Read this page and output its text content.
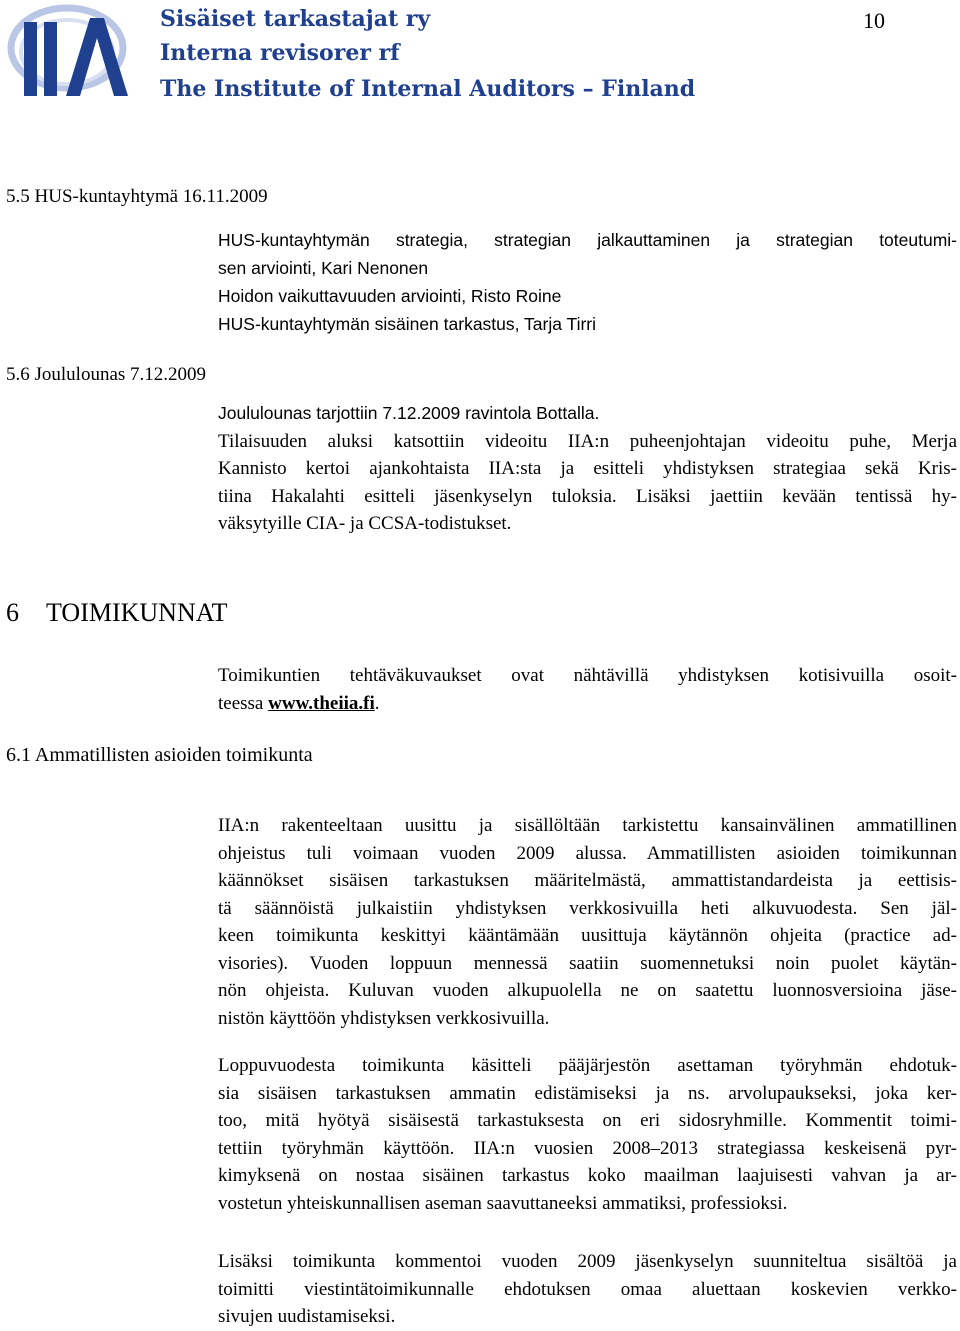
Sisäiset tarkastajat ry
Interna revisorer rf
The Institute of Internal Auditors – Finland
10
5.5 HUS-kuntayhtymä 16.11.2009
HUS-kuntayhtymän strategia, strategian jalkauttaminen ja strategian toteutumi-
sen arviointi, Kari Nenonen
Hoidon vaikuttavuuden arviointi, Risto Roine
HUS-kuntayhtymän sisäinen tarkastus, Tarja Tirri
5.6 Joululounas 7.12.2009
Joululounas tarjottiin 7.12.2009 ravintola Bottalla.
Tilaisuuden aluksi katsottiin videoitu IIA:n puheenjohtajan videoitu puhe, Merja
Kannisto kertoi ajankohtaista IIA:sta ja esitteli yhdistyksen strategiaa sekä Kris-
tiina Hakalahti esitteli jäsenkyselyn tuloksia. Lisäksi jaettiin kevään tentissä hy-
väksytyille CIA- ja CCSA-todistukset.
6 TOIMIKUNNAT
Toimikuntien tehtäväkuvaukset ovat nähtävillä yhdistyksen kotisivuilla osoit-
teessa www.theiia.fi.
6.1 Ammatillisten asioiden toimikunta
IIA:n rakenteeltaan uusittu ja sisällöltään tarkistettu kansainvälinen ammatillinen
ohjeistus tuli voimaan vuoden 2009 alussa. Ammatillisten asioiden toimikunnan
käännökset sisäisen tarkastuksen määritelmästä, ammattistandardeista ja eettisis-
tä säännöistä julkaistiin yhdistyksen verkkosivuilla heti alkuvuodesta. Sen jäl-
keen toimikunta keskittyi kääntämään uusittuja käytännön ohjeita (practice ad-
visories). Vuoden loppuun mennessä saatiin suomennetuksi noin puolet käytän-
nön ohjeista. Kuluvan vuoden alkupuolella ne on saatettu luonnosversioina jäse-
nistön käyttöön yhdistyksen verkkosivuilla.
Loppuvuodesta toimikunta käsitteli pääjärjestön asettaman työryhmän ehdotuk-
sia sisäisen tarkastuksen ammatin edistämiseksi ja ns. arvolupaukseksi, joka ker-
too, mitä hyötyä sisäisestä tarkastuksesta on eri sidosryhmille. Kommentit toimi-
tettiin työryhmän käyttöön. IIA:n vuosien 2008–2013 strategiassa keskeisenä pyr-
kimyksenä on nostaa sisäinen tarkastus koko maailman laajuisesti vahvan ja ar-
vostetun yhteiskunnallisen aseman saavuttaneeksi ammatiksi, professioksi.
Lisäksi toimikunta kommentoi vuoden 2009 jäsenkyselyn suunniteltua sisältöä ja
toimitti viestintätoimikunnalle ehdotuksen omaa aluettaan koskevien verkko-
sivujen uudistamiseksi.
